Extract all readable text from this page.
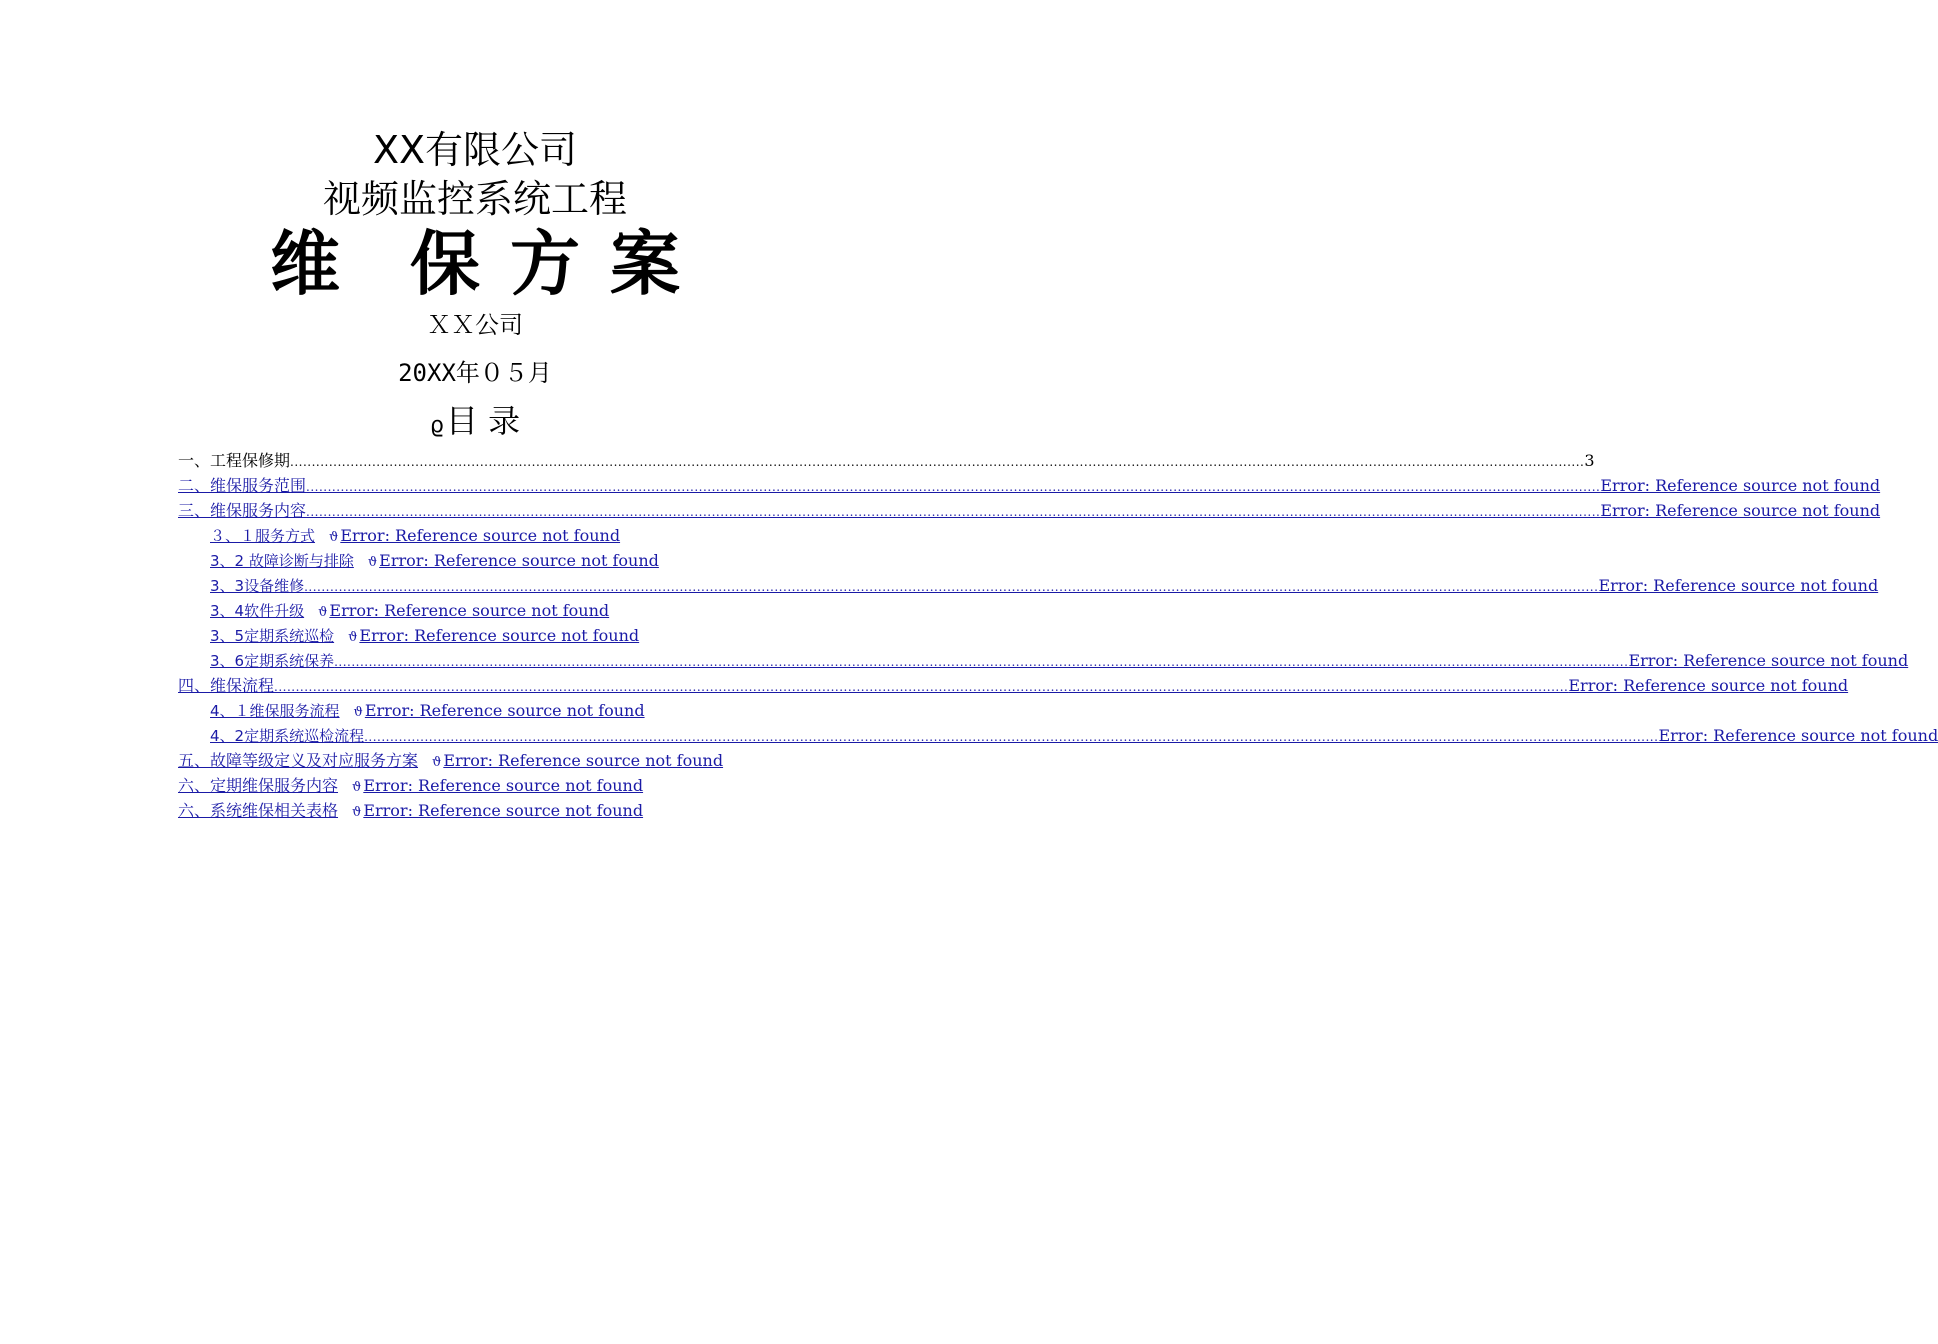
XX有限公司
视频监控系统工程
维 保 方 案
ＸＸ公司
20XX年０５月
ϱ目 录
一、工程保修期 ............................................................................................................................................................................................................................................................................................................ 3
二、维保服务范围 ............................................................................................................................................................................................................................................................................................................ Error: Reference source not found
三、维保服务内容 ............................................................................................................................................................................................................................................................................................................ Error: Reference source not found
３、１服务方式 ϑ Error: Reference source not found
3、2 故障诊断与排除 ϑ Error: Reference source not found
3、3设备维修 ............................................................................................................................................................................................................................................................................................................ Error: Reference source not found
3、4软件升级 ϑ Error: Reference source not found
3、5定期系统巡检 ϑ Error: Reference source not found
3、6定期系统保养 ............................................................................................................................................................................................................................................................................................................ Error: Reference source not found
四、维保流程 ............................................................................................................................................................................................................................................................................................................ Error: Reference source not found
4、１维保服务流程 ϑ Error: Reference source not found
4、2定期系统巡检流程 ............................................................................................................................................................................................................................................................................................................ Error: Reference source not found
五、故障等级定义及对应服务方案 ϑ Error: Reference source not found
六、定期维保服务内容 ϑ Error: Reference source not found
六、系统维保相关表格 ϑ Error: Reference source not found
